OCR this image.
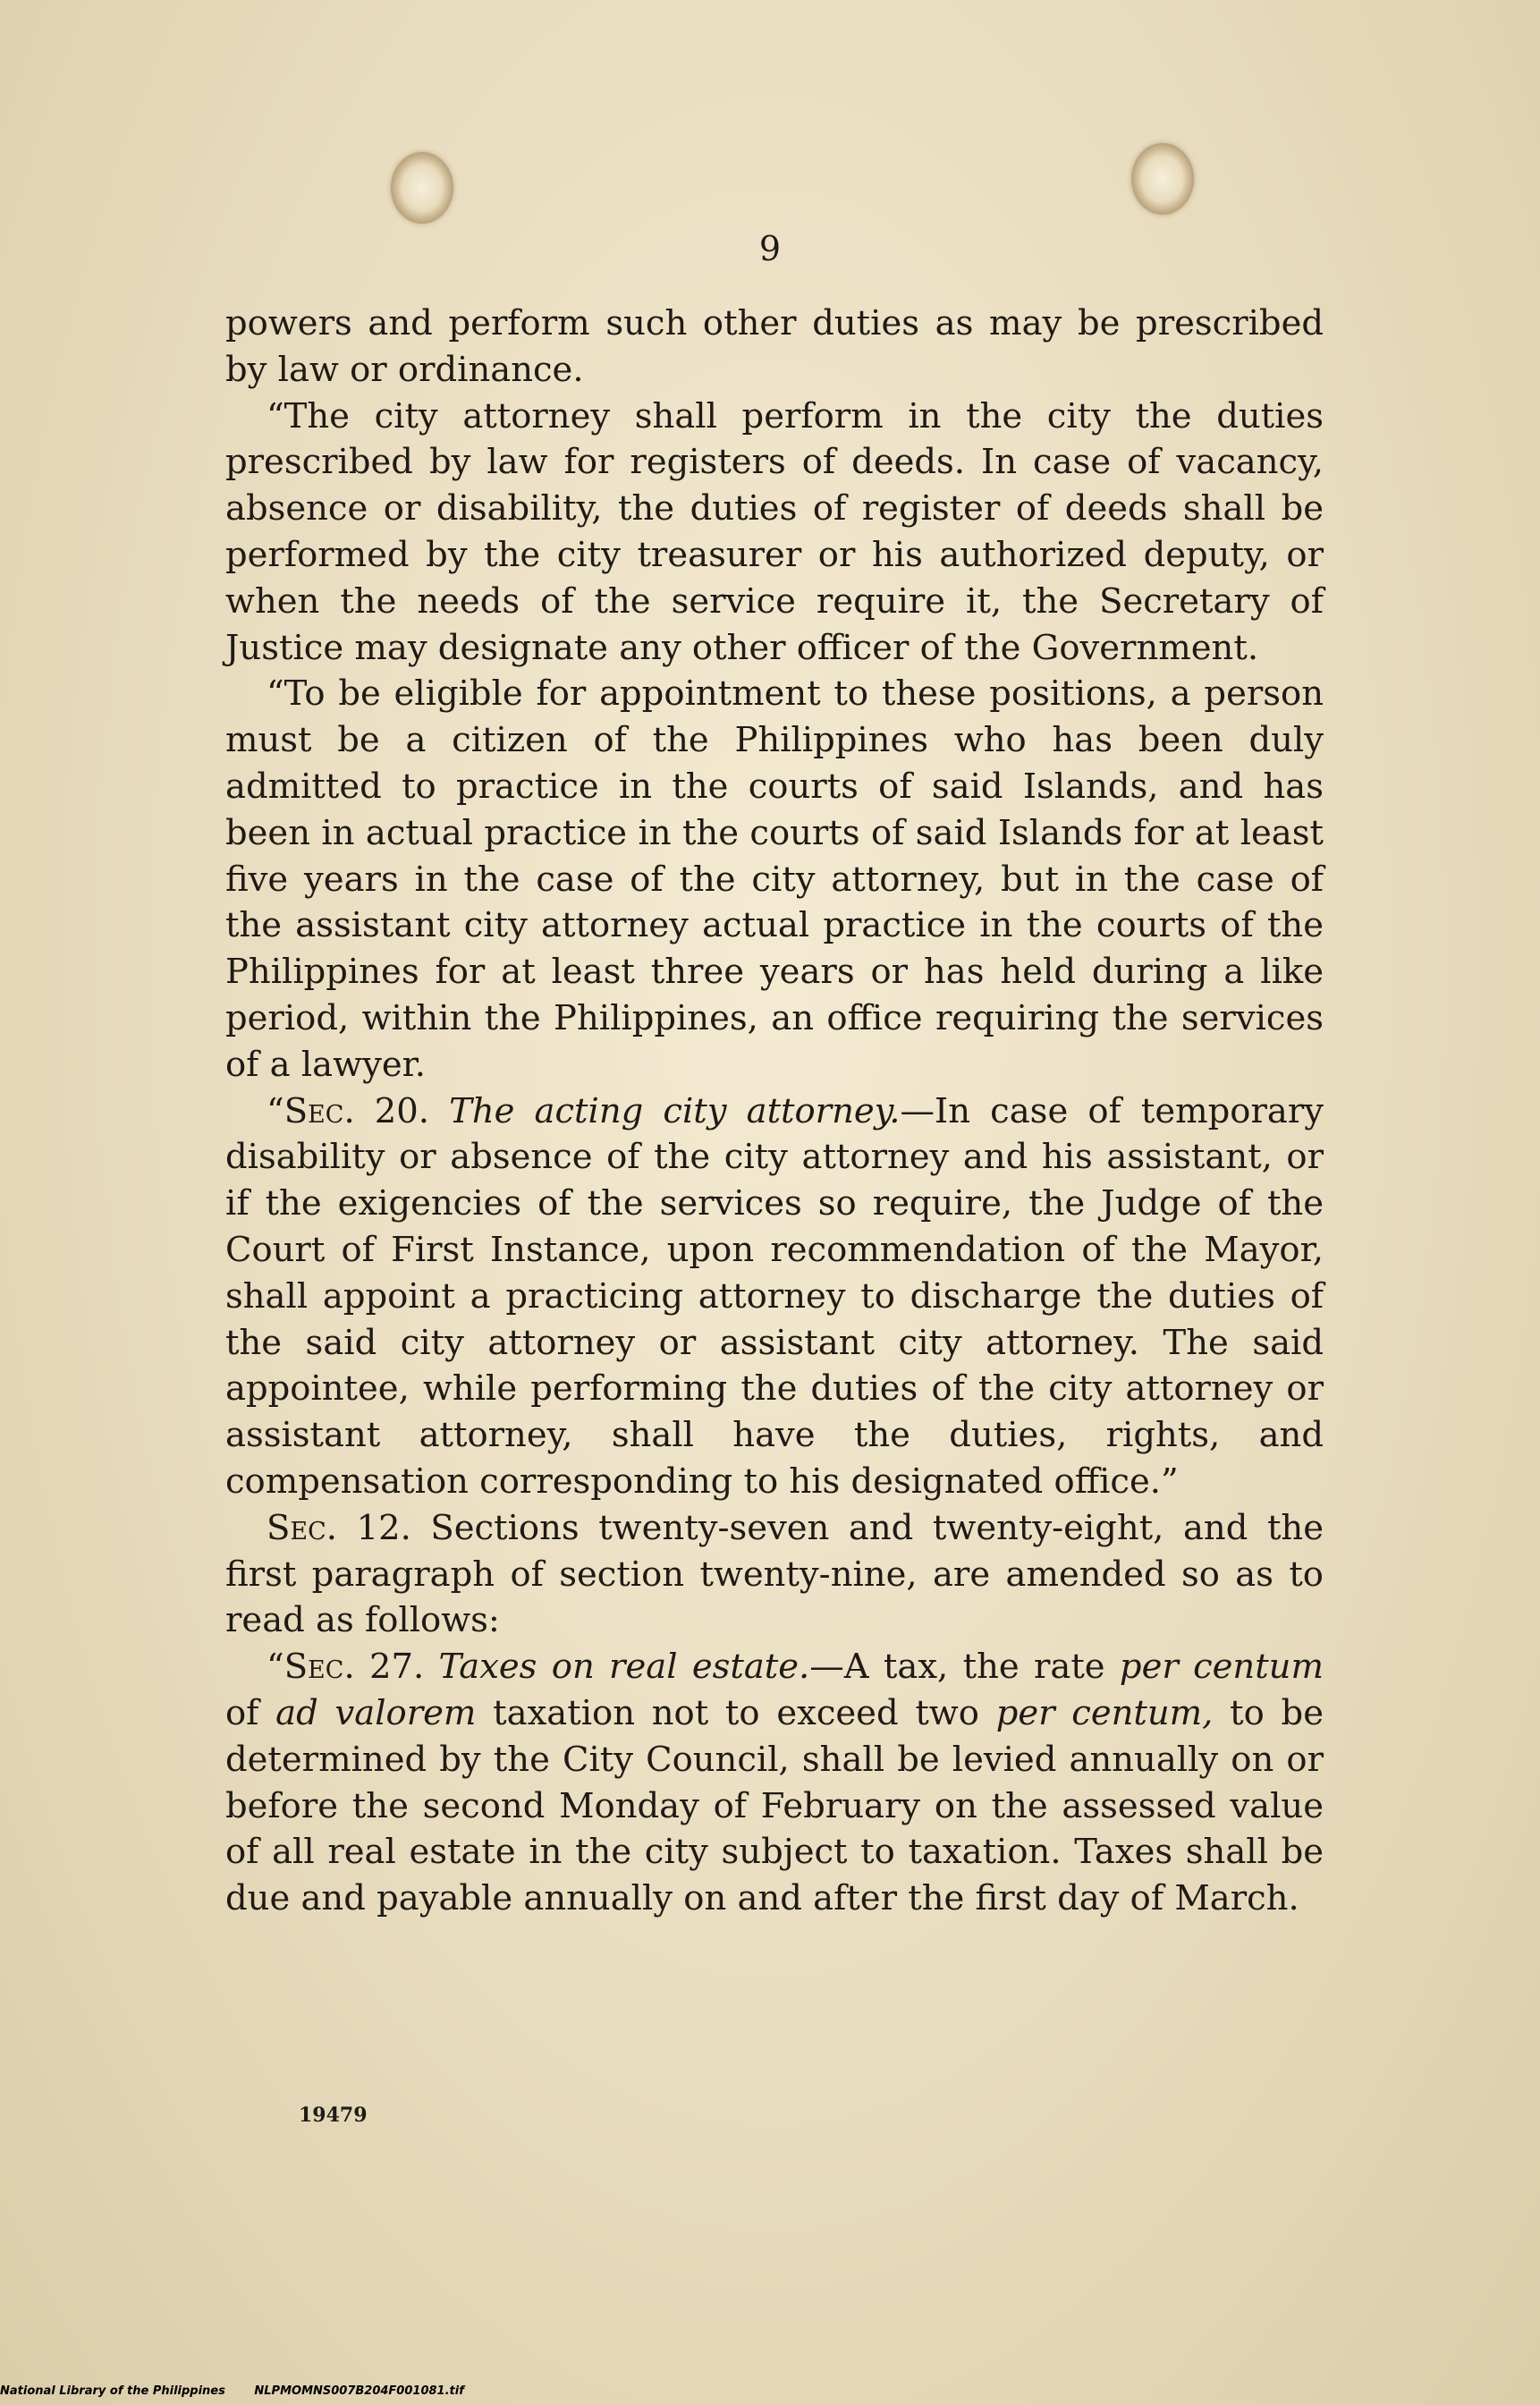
9

powers and perform such other duties as may be prescribed by law or ordinance.

“The city attorney shall perform in the city the duties prescribed by law for registers of deeds. In case of vacancy, absence or disability, the duties of register of deeds shall be performed by the city treasurer or his authorized deputy, or when the needs of the service require it, the Secretary of Justice may designate any other officer of the Government.

“To be eligible for appointment to these positions, a person must be a citizen of the Philippines who has been duly admitted to practice in the courts of said Islands, and has been in actual practice in the courts of said Islands for at least five years in the case of the city attorney, but in the case of the assistant city attorney actual practice in the courts of the Philippines for at least three years or has held during a like period, within the Philippines, an office requiring the services of a lawyer.

“Sec. 20. The acting city attorney.—In case of temporary disability or absence of the city attorney and his assistant, or if the exigencies of the services so require, the Judge of the Court of First Instance, upon recommendation of the Mayor, shall appoint a practicing attorney to discharge the duties of the said city attorney or assistant city attorney. The said appointee, while performing the duties of the city attorney or assistant attorney, shall have the duties, rights, and compensation corresponding to his designated office.”

Sec. 12. Sections twenty-seven and twenty-eight, and the first paragraph of section twenty-nine, are amended so as to read as follows:

“Sec. 27. Taxes on real estate.—A tax, the rate per centum of ad valorem taxation not to exceed two per centum, to be determined by the City Council, shall be levied annually on or before the second Monday of February on the assessed value of all real estate in the city subject to taxation. Taxes shall be due and payable annually on and after the first day of March.

19479
National Library of the Philippines	NLPMOMNS007B204F001081.tif
